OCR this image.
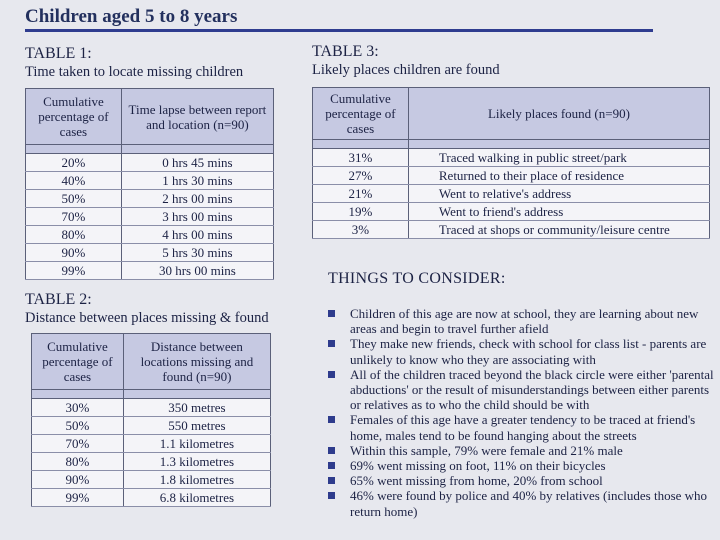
Children aged 5 to 8 years
TABLE 1:
Time taken to locate missing children
Cumulative percentage of cases	Time lapse between report and location (n=90)

20%	0 hrs 45 mins
40%	1 hrs 30 mins
50%	2 hrs 00 mins
70%	3 hrs 00 mins
80%	4 hrs 00 mins
90%	5 hrs 30 mins
99%	30 hrs 00 mins
TABLE 2:
Distance between places missing & found
Cumulative percentage of cases	Distance between locations missing and found (n=90)

30%	350 metres
50%	550 metres
70%	1.1 kilometres
80%	1.3 kilometres
90%	1.8 kilometres
99%	6.8 kilometres
TABLE 3:
Likely places children are found
Cumulative percentage of cases	Likely places found (n=90)

31%	Traced walking in public street/park
27%	Returned to their place of residence
21%	Went to relative's address
19%	Went to friend's address
3%	Traced at shops or community/leisure centre
THINGS TO CONSIDER:
Children of this age are now at school, they are learning about new areas and begin to travel further afield
They make new friends, check with school for class list - parents are unlikely to know who they are associating with
All of the children traced beyond the black circle were either 'parental abductions' or the result of misunderstandings between either parents or relatives as to who the child should be with
Females of this age have a greater tendency to be traced at friend's home, males tend to be found hanging about the streets
Within this sample, 79% were female and 21% male
69% went missing on foot, 11% on their bicycles
65% went missing from home, 20% from school
46% were found by police and 40% by relatives (includes those who return home)
